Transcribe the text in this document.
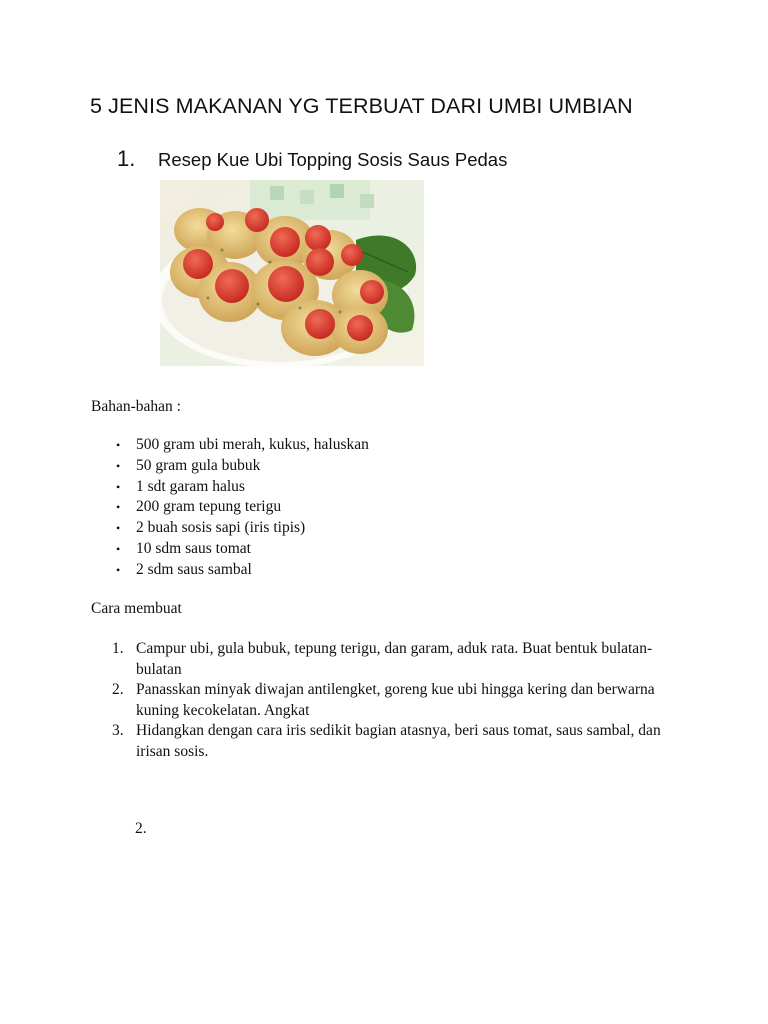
5 JENIS MAKANAN YG TERBUAT DARI UMBI UMBIAN
1. Resep Kue Ubi Topping Sosis Saus Pedas
Bahan-bahan :
• 500 gram ubi merah, kukus, haluskan
• 50 gram gula bubuk
• 1 sdt garam halus
• 200 gram tepung terigu
• 2 buah sosis sapi (iris tipis)
• 10 sdm saus tomat
• 2 sdm saus sambal
Cara membuat
1. Campur ubi, gula bubuk, tepung terigu, dan garam, aduk rata. Buat bentuk bulatan-bulatan
2. Panasskan minyak diwajan antilengket, goreng kue ubi hingga kering dan berwarna kuning kecokelatan. Angkat
3. Hidangkan dengan cara iris sedikit bagian atasnya, beri saus tomat, saus sambal, dan irisan sosis.
2.
